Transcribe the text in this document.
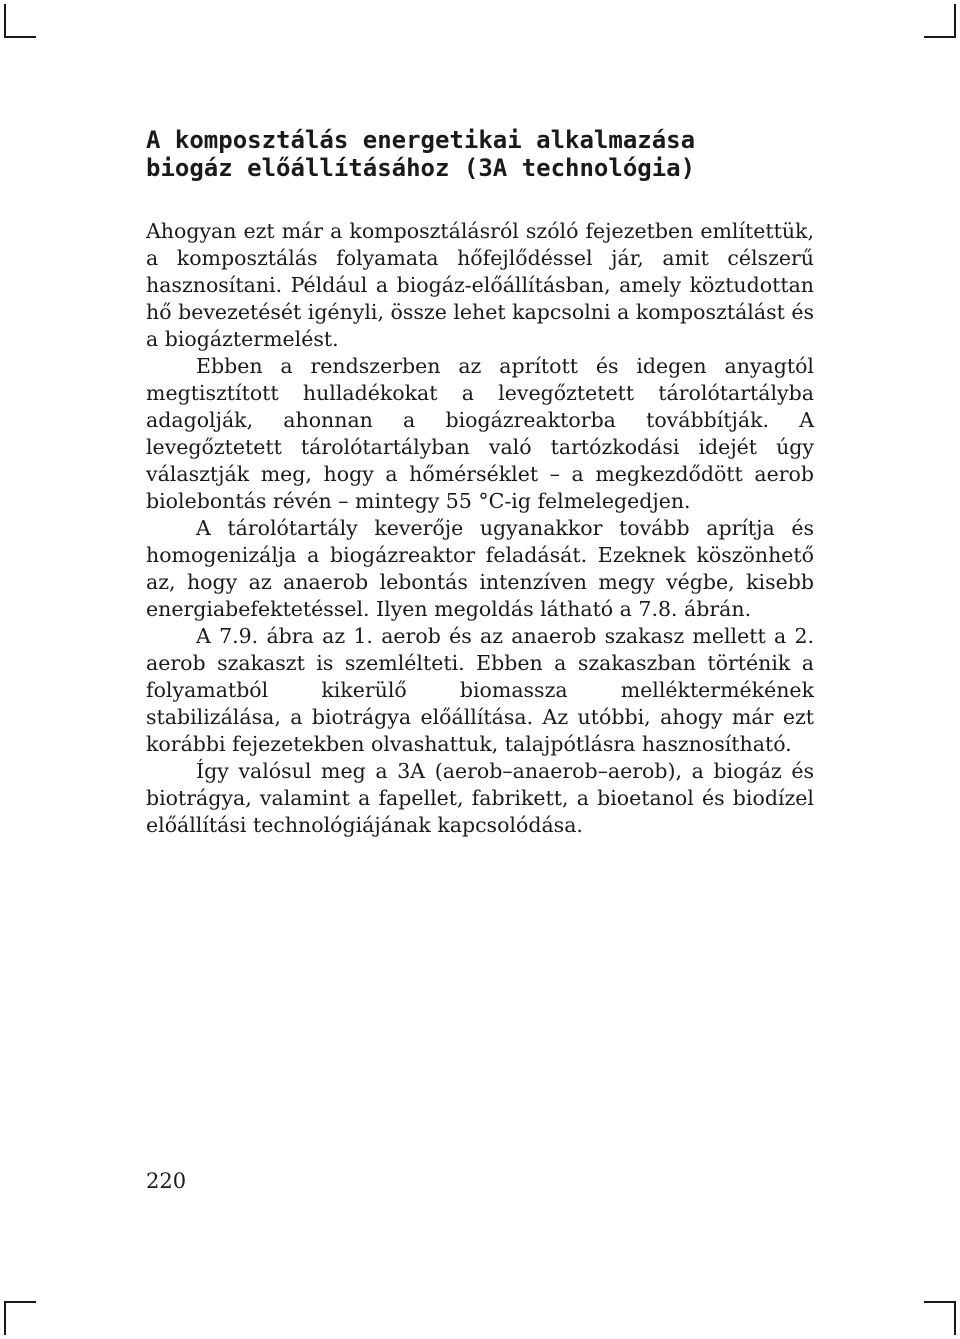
A komposztálás energetikai alkalmazása
biogáz előállításához (3A technológia)

Ahogyan ezt már a komposztálásról szóló fejezetben említettük, a komposztálás folyamata hőfejlődéssel jár, amit célszerű hasznosítani. Például a biogáz-előállításban, amely köztudottan hő bevezetését igényli, össze lehet kapcsolni a komposztálást és a biogáztermelést.

Ebben a rendszerben az aprított és idegen anyagtól megtisztított hulladékokat a levegőztetett tárolótartályba adagolják, ahonnan a biogázreaktorba továbbítják. A levegőztetett tárolótartályban való tartózkodási idejét úgy választják meg, hogy a hőmérséklet – a megkezdődött aerob biolebontás révén – mintegy 55 °C-ig felmelegedjen.

A tárolótartály keverője ugyanakkor tovább aprítja és homogenizálja a biogázreaktor feladását. Ezeknek köszönhető az, hogy az anaerob lebontás intenzíven megy végbe, kisebb energiabefektetéssel. Ilyen megoldás látható a 7.8. ábrán.

A 7.9. ábra az 1. aerob és az anaerob szakasz mellett a 2. aerob szakaszt is szemlélteti. Ebben a szakaszban történik a folyamatból kikerülő biomassza melléktermékének stabilizálása, a biotrágya előállítása. Az utóbbi, ahogy már ezt korábbi fejezetekben olvashattuk, talajpótlásra hasznosítható.

Így valósul meg a 3A (aerob–anaerob–aerob), a biogáz és biotrágya, valamint a fapellet, fabrikett, a bioetanol és biodízel előállítási technológiájának kapcsolódása.

220
